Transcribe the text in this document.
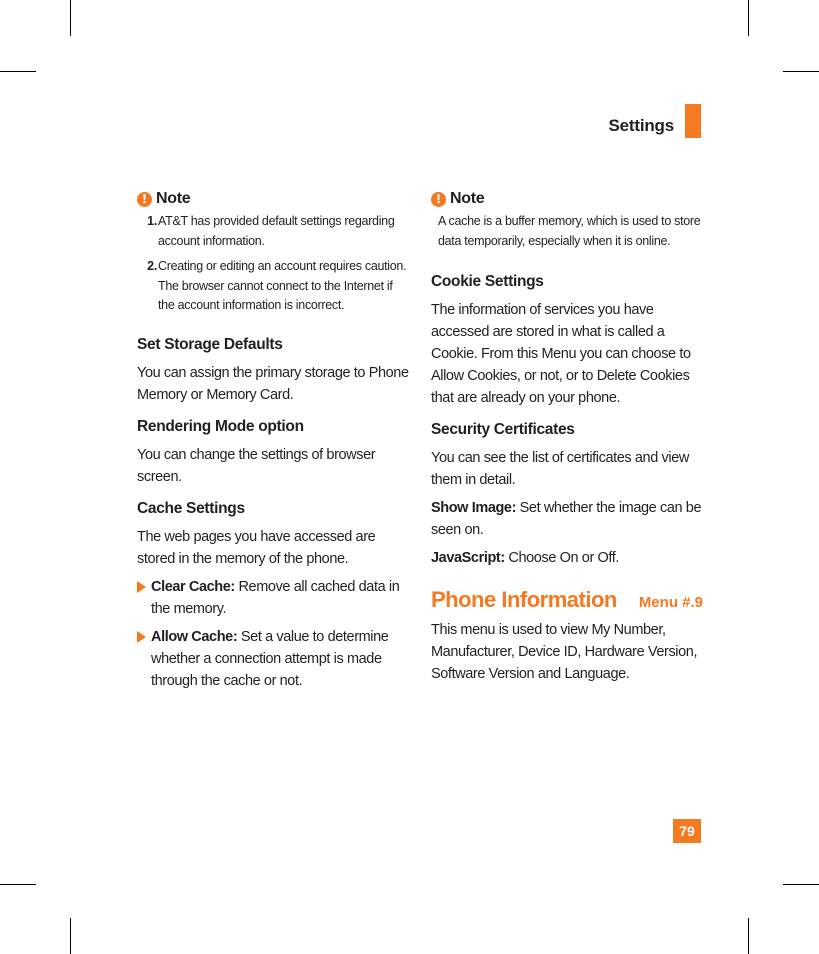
Settings
! Note
1. AT&T has provided default settings regarding account information.
2. Creating or editing an account requires caution. The browser cannot connect to the Internet if the account information is incorrect.

Set Storage Defaults

You can assign the primary storage to Phone Memory or Memory Card.

Rendering Mode option

You can change the settings of browser screen.

Cache Settings

The web pages you have accessed are stored in the memory of the phone.

Clear Cache: Remove all cached data in the memory.
Allow Cache: Set a value to determine whether a connection attempt is made through the cache or not.
! Note
A cache is a buffer memory, which is used to store data temporarily, especially when it is online.

Cookie Settings

The information of services you have accessed are stored in what is called a Cookie. From this Menu you can choose to Allow Cookies, or not, or to Delete Cookies that are already on your phone.

Security Certificates

You can see the list of certificates and view them in detail.

Show Image: Set whether the image can be seen on.

JavaScript: Choose On or Off.

Phone Information Menu #.9

This menu is used to view My Number, Manufacturer, Device ID, Hardware Version, Software Version and Language.

79
